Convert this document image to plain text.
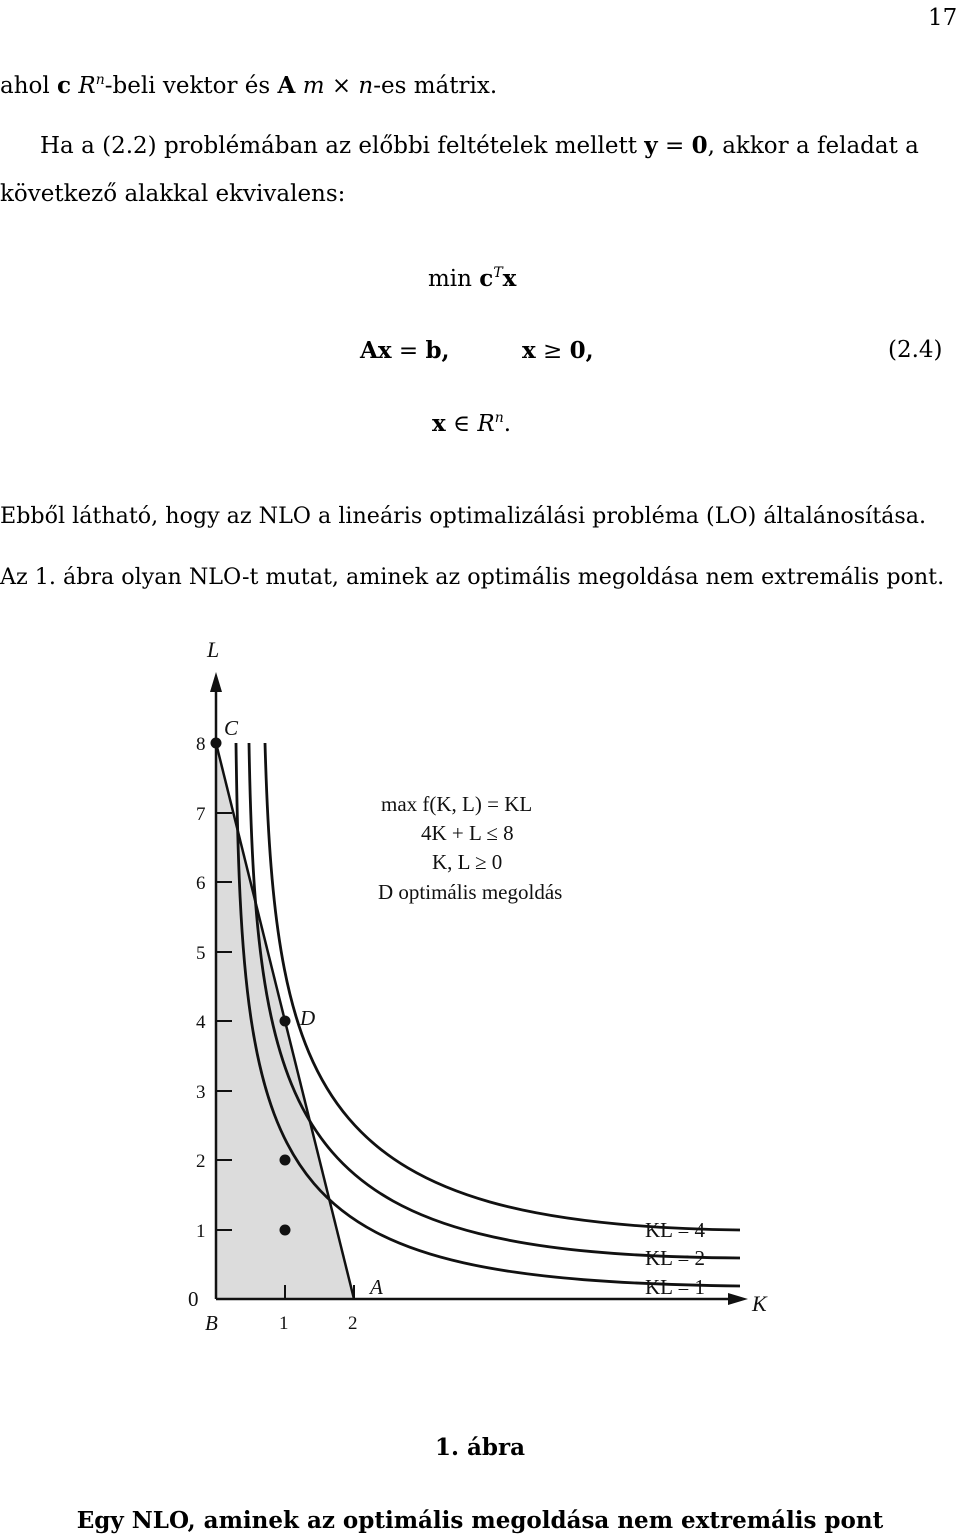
17
ahol c $R^n$-beli vektor és A m × n-es mátrix.
Ha a (2.2) problémában az előbbi feltételek mellett y = 0, akkor a feladat a
következő alakkal ekvivalens:
$\min c^Tx$
Ax = b,	x ≥ 0,	(2.4)
x ∈ $R^n$.
Ebből látható, hogy az NLO a lineáris optimalizálási probléma (LO) általánosítása.
Az 1. ábra olyan NLO-t mutat, aminek az optimális megoldása nem extremális pont.
L
K
8
7
6
5
4
3
2
1
0
1	2
C
D
A
B
max f(K, L) = KL
4K + L ≤ 8
K, L ≥ 0
D optimális megoldás
KL = 4
KL = 2
KL = 1
1. ábra
Egy NLO, aminek az optimális megoldása nem extremális pont
